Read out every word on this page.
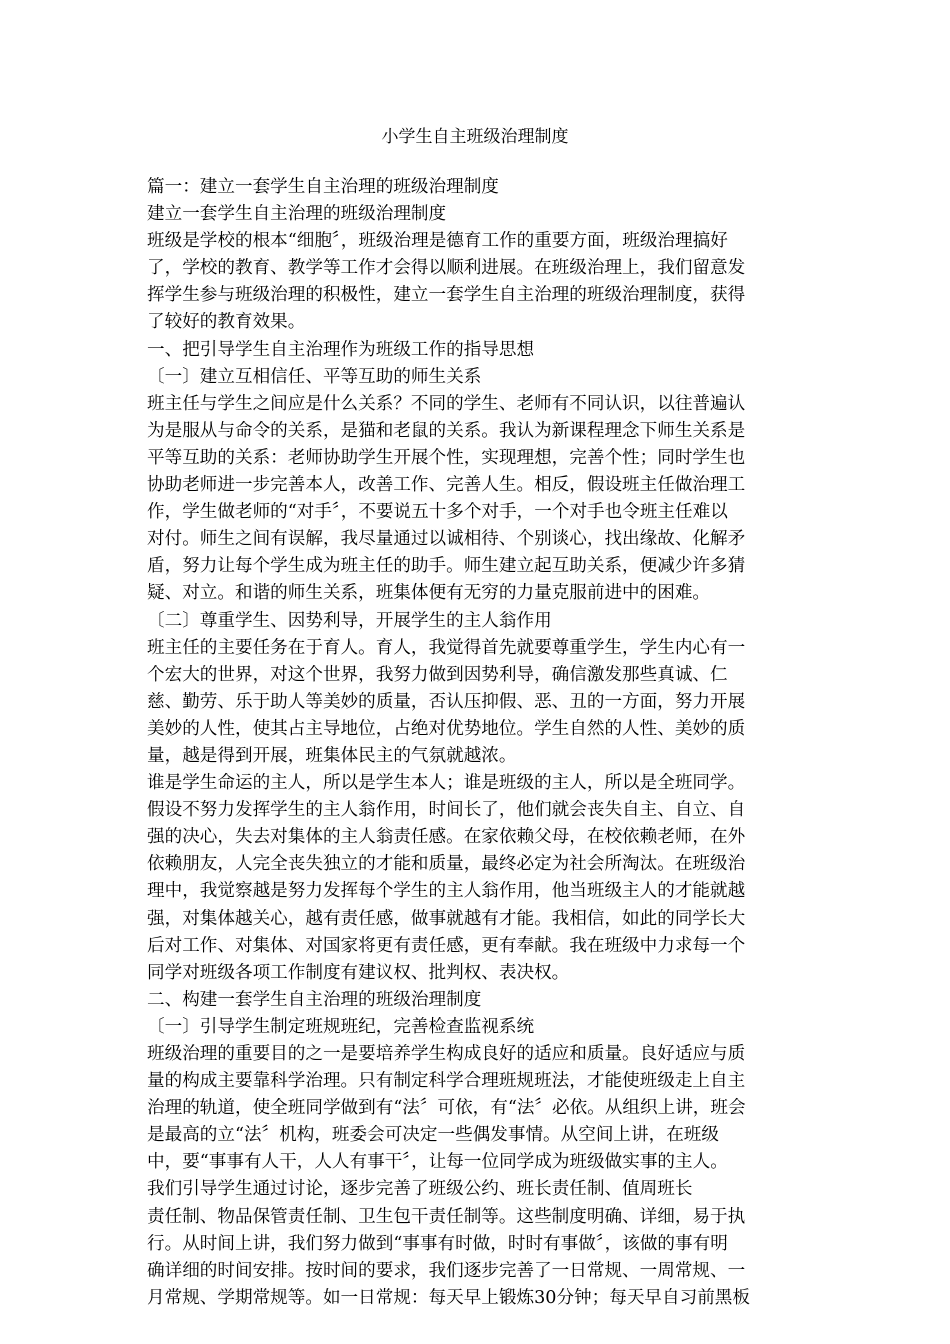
小学生自主班级治理制度
篇一：建立一套学生自主治理的班级治理制度
建立一套学生自主治理的班级治理制度
班级是学校的根本“细胞〞，班级治理是德育工作的重要方面，班级治理搞好
了，学校的教育、教学等工作才会得以顺利进展。在班级治理上，我们留意发
挥学生参与班级治理的积极性，建立一套学生自主治理的班级治理制度，获得
了较好的教育效果。
一、把引导学生自主治理作为班级工作的指导思想
〔一〕建立互相信任、平等互助的师生关系
班主任与学生之间应是什么关系？不同的学生、老师有不同认识，以往普遍认
为是服从与命令的关系，是猫和老鼠的关系。我认为新课程理念下师生关系是
平等互助的关系：老师协助学生开展个性，实现理想，完善个性；同时学生也
协助老师进一步完善本人，改善工作、完善人生。相反，假设班主任做治理工
作，学生做老师的“对手〞，不要说五十多个对手，一个对手也令班主任难以
对付。师生之间有误解，我尽量通过以诚相待、个别谈心，找出缘故、化解矛
盾，努力让每个学生成为班主任的助手。师生建立起互助关系，便减少许多猜
疑、对立。和谐的师生关系，班集体便有无穷的力量克服前进中的困难。
〔二〕尊重学生、因势利导，开展学生的主人翁作用
班主任的主要任务在于育人。育人，我觉得首先就要尊重学生，学生内心有一
个宏大的世界，对这个世界，我努力做到因势利导，确信激发那些真诚、仁
慈、勤劳、乐于助人等美妙的质量，否认压抑假、恶、丑的一方面，努力开展
美妙的人性，使其占主导地位，占绝对优势地位。学生自然的人性、美妙的质
量，越是得到开展，班集体民主的气氛就越浓。
谁是学生命运的主人，所以是学生本人；谁是班级的主人，所以是全班同学。
假设不努力发挥学生的主人翁作用，时间长了，他们就会丧失自主、自立、自
强的决心，失去对集体的主人翁责任感。在家依赖父母，在校依赖老师，在外
依赖朋友，人完全丧失独立的才能和质量，最终必定为社会所淘汰。在班级治
理中，我觉察越是努力发挥每个学生的主人翁作用，他当班级主人的才能就越
强，对集体越关心，越有责任感，做事就越有才能。我相信，如此的同学长大
后对工作、对集体、对国家将更有责任感，更有奉献。我在班级中力求每一个
同学对班级各项工作制度有建议权、批判权、表决权。
二、构建一套学生自主治理的班级治理制度
〔一〕引导学生制定班规班纪，完善检查监视系统
班级治理的重要目的之一是要培养学生构成良好的适应和质量。良好适应与质
量的构成主要靠科学治理。只有制定科学合理班规班法，才能使班级走上自主
治理的轨道，使全班同学做到有“法〞可依，有“法〞必依。从组织上讲，班会
是最高的立“法〞机构，班委会可决定一些偶发事情。从空间上讲，在班级
中，要“事事有人干，人人有事干〞，让每一位同学成为班级做实事的主人。
我们引导学生通过讨论，逐步完善了班级公约、班长责任制、值周班长
责任制、物品保管责任制、卫生包干责任制等。这些制度明确、详细，易于执
行。从时间上讲，我们努力做到“事事有时做，时时有事做〞，该做的事有明
确详细的时间安排。按时间的要求，我们逐步完善了一日常规、一周常规、一
月常规、学期常规等。如一日常规：每天早上锻炼30分钟；每天早自习前黑板
